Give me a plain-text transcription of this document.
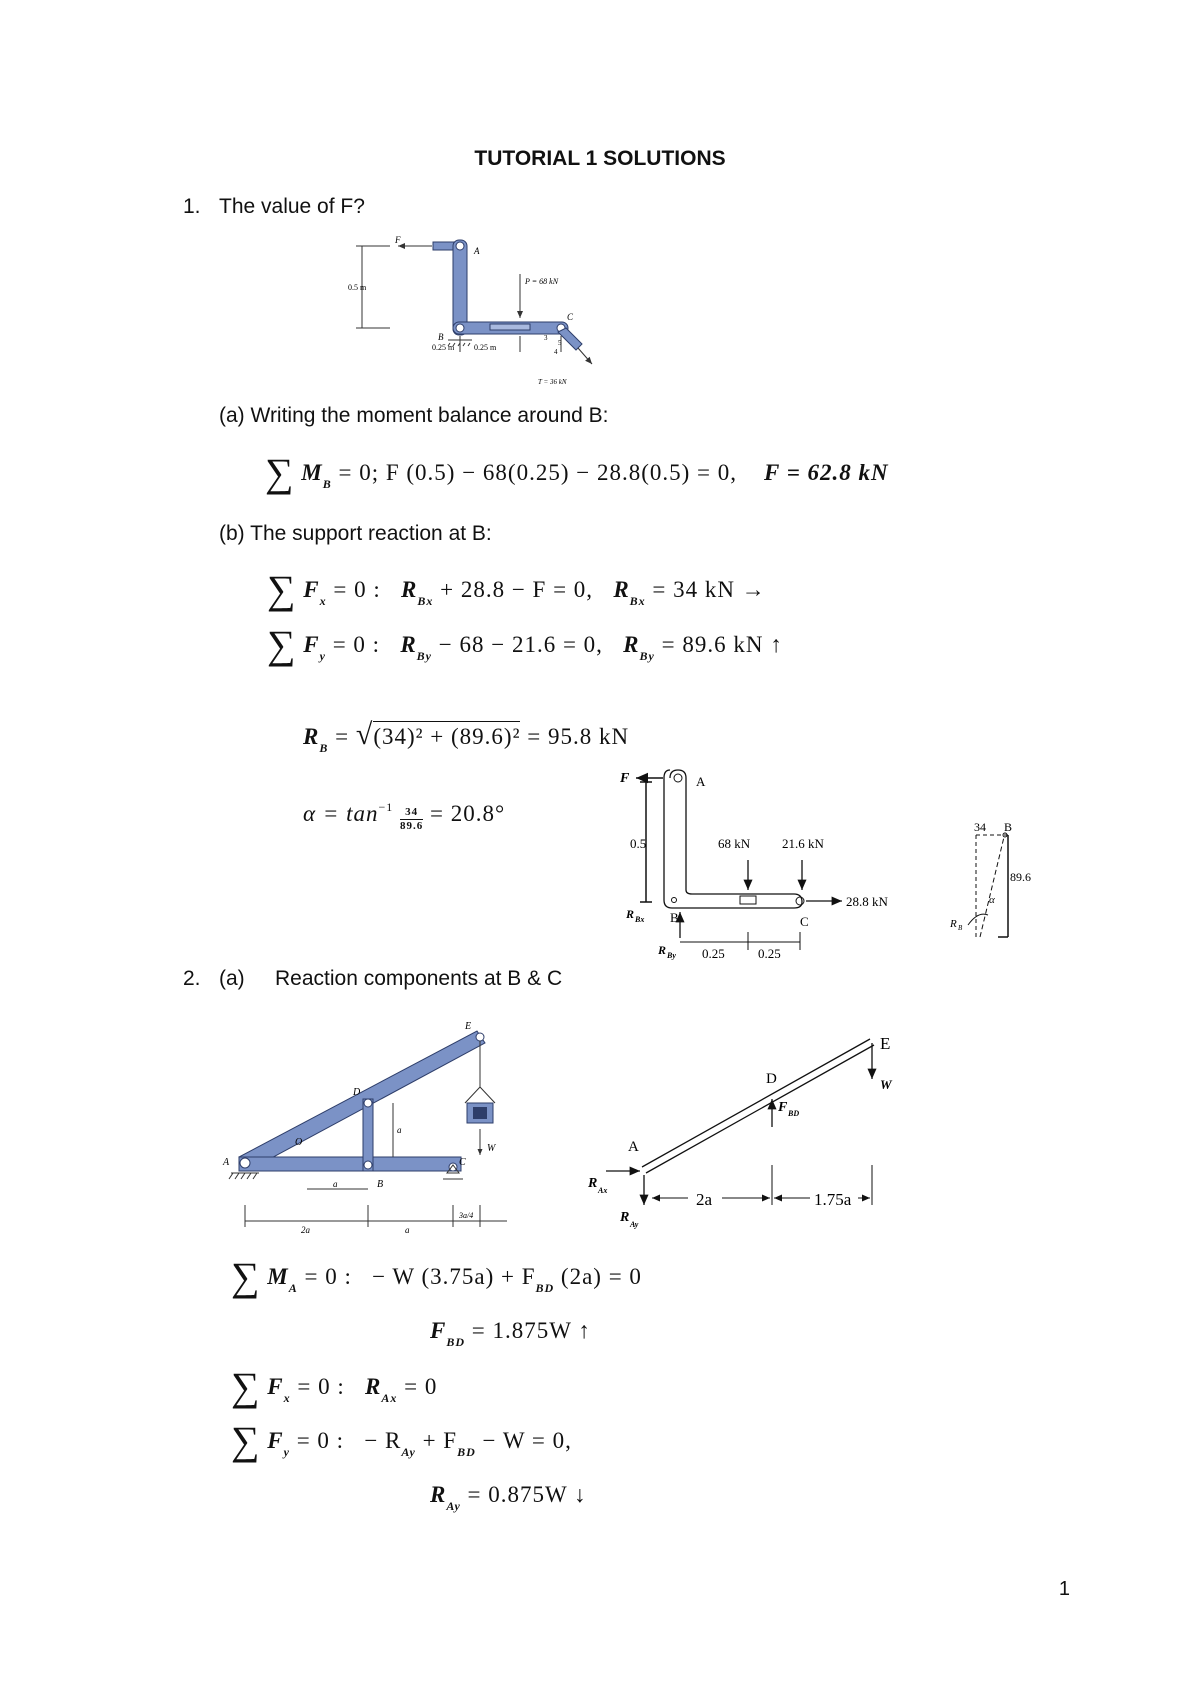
TUTORIAL 1 SOLUTIONS
1. The value of F?
F
A
C
B
P = 68 kN
0.5 m
0.25 m 0.25 m
3
5
4
T = 36 kN
(a) Writing the moment balance around B:
∑ $M_B = 0$; F (0.5) − 68(0.25) − 28.8(0.5) = 0, F = 62.8 kN
(b) The support reaction at B:
∑ $F_x = 0$ : $R_{Bx} + 28.8 - F = 0$, $R_{Bx} = 34$ kN →
∑ $F_y = 0$ : $R_{By} - 68 - 21.6 = 0$, $R_{By} = 89.6$ kN ↑
$R_B = √(34)^2 + (89.6)^2 = 95.8$ kN
$\alpha = \tan^{-1} \frac{34}{89.6} = 20.8^\circ$
F	A
0.5	68 kN 21.6 kN
28.8 kN
C
B
R Bx
R By 0.25	0.25
34 B
89.6
α
R B
2. (a) Reaction components at B & C
W
E
D
O
A
B
C
a
a
2a	a
3a/4
E
W
D
F BD
A
R Ax
R Ay
2a	1.75a
∑ $M_A = 0$ : − W $(3.75a) + F_{BD}$ (2a) = 0
$F_{BD} = 1.875W$ ↑
∑ $F_x = 0$ : $R_{Ax} = 0$
∑ $F_y = 0$ : − $R_{Ay} + F_{BD} - W = 0$,
$R_{Ay} = 0.875W$ ↓
1
